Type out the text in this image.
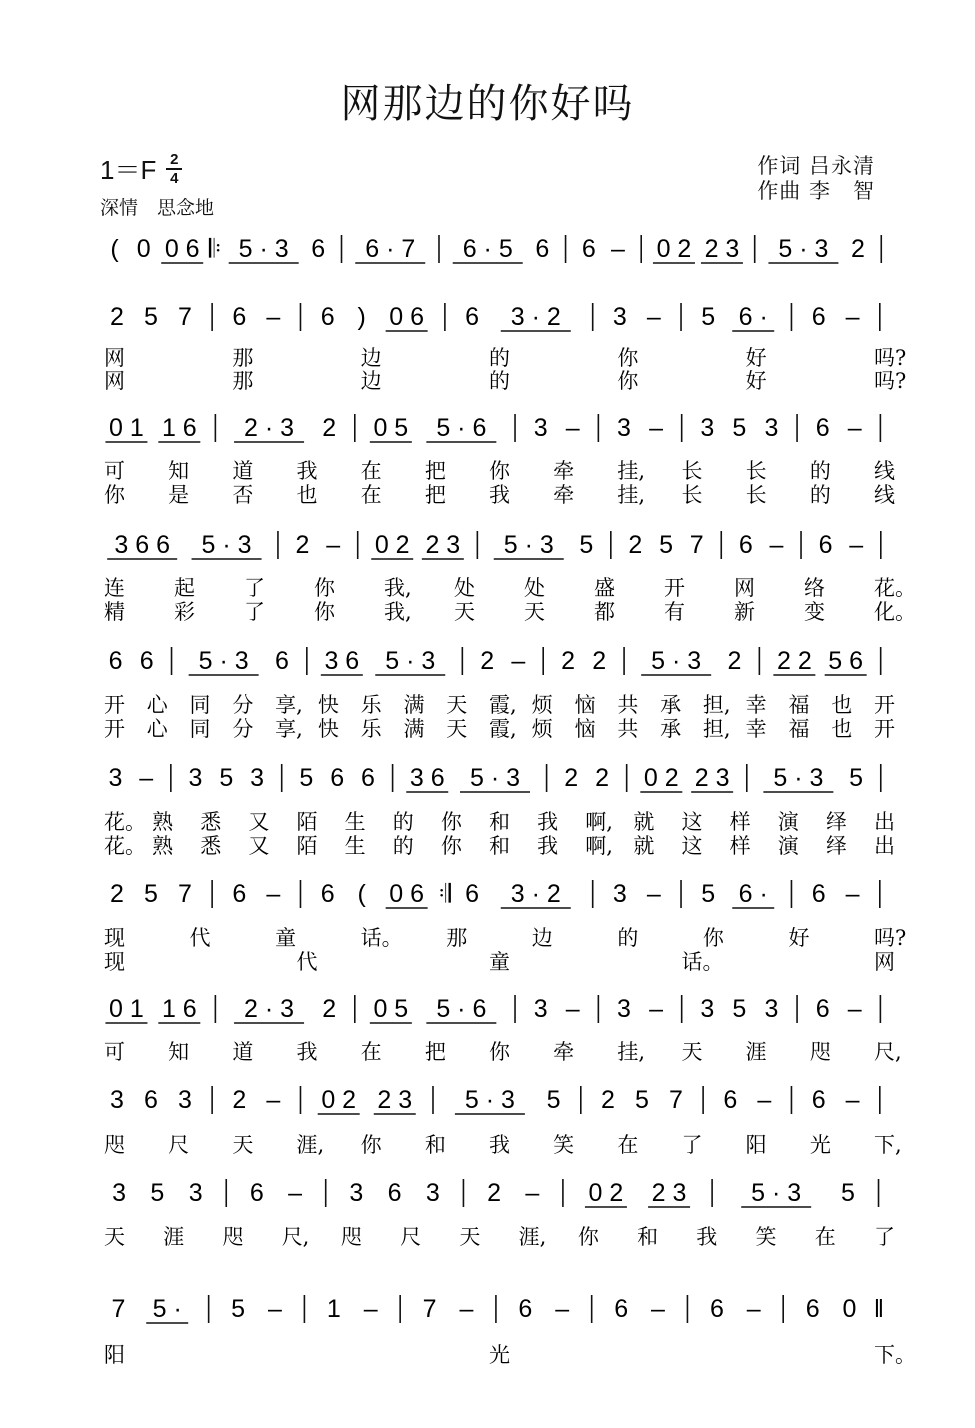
网那边的你好吗
$1=F \frac{2}{4}$
深情　思念地
作词 吕永清
作曲 李　智
( 0 0 6 𝄆 5 · 3 6 6 · 7 6 · 5 6 6 – 0 2 2 3 5 · 3 2
2 5 7 6 – 6 ) 0 6 6 3 · 2 3 – 5 6 · 6 –
网	那	边	的	你	好	吗?
网	那	边	的	你	好	吗?
0 1 1 6 2 · 3 2 0 5 5 · 6 3 – 3 – 3 5 3 6 –
可 知 道 我 在 把 你 牵 挂, 长 长 的 线
你 是 否 也 在 把 我 牵 挂, 长 长 的 线
3 6 6 5 · 3 2 – 0 2 2 3 5 · 3 5 2 5 7 6 – 6 –
连 起 了 你 我, 处 处 盛 开 网 络 花。
精 彩 了 你 我, 天 天 都 有 新 变 化。
6 6 5 · 3 6 3 6 5 · 3 2 – 2 2 5 · 3 2 2 2 5 6
开 心 同 分 享, 快 乐 满 天 霞, 烦 恼 共 承 担, 幸 福 也 开
开 心 同 分 享, 快 乐 满 天 霞, 烦 恼 共 承 担, 幸 福 也 开
3 – 3 5 3 5 6 6 3 6 5 · 3 2 2 0 2 2 3 5 · 3 5
花。 熟 悉 又 陌 生 的 你 和 我 啊, 就 这 样 演 绎 出
花。 熟 悉 又 陌 生 的 你 和 我 啊, 就 这 样 演 绎 出
2 5 7 6 – 6 ( 0 6 𝄇 6 3 · 2 3 – 5 6 · 6 –
现	代	童	话。 那	边	的	你	好	吗?
现	代	童	话。	网
0 1 1 6 2 · 3 2 0 5 5 · 6 3 – 3 – 3 5 3 6 –
可 知 道 我 在 把 你 牵 挂, 天 涯 咫 尺,
3 6 3 2 – 0 2 2 3 5 · 3 5 2 5 7 6 – 6 –
咫 尺 天 涯, 你 和 我 笑 在 了 阳 光 下,
3 5 3 6 – 3 6 3 2 – 0 2 2 3	5 · 3 5
天 涯 咫 尺, 咫 尺 天 涯, 你 和 我 笑 在 了
7 5 · 5 – 1 – 7 – 6 – 6 – 6 – 6 0 ‖
阳	光	下。
